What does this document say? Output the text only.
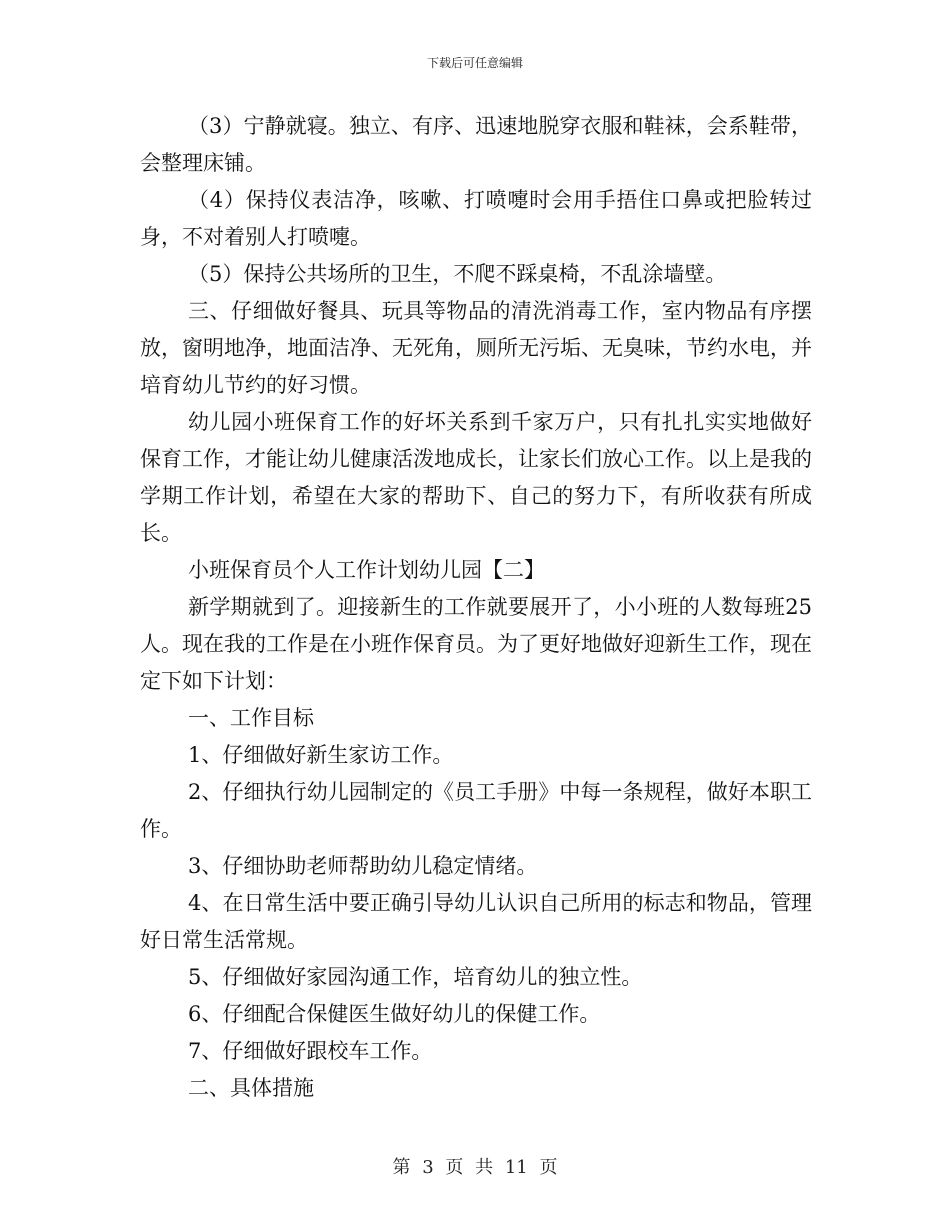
下载后可任意编辑

（3）宁静就寝。独立、有序、迅速地脱穿衣服和鞋袜，会系鞋带，会整理床铺。

（4）保持仪表洁净，咳嗽、打喷嚏时会用手捂住口鼻或把脸转过身，不对着别人打喷嚏。

（5）保持公共场所的卫生，不爬不踩桌椅，不乱涂墙壁。

三、仔细做好餐具、玩具等物品的清洗消毒工作，室内物品有序摆放，窗明地净，地面洁净、无死角，厕所无污垢、无臭味，节约水电，并培育幼儿节约的好习惯。

幼儿园小班保育工作的好坏关系到千家万户，只有扎扎实实地做好保育工作，才能让幼儿健康活泼地成长，让家长们放心工作。以上是我的学期工作计划，希望在大家的帮助下、自己的努力下，有所收获有所成长。

小班保育员个人工作计划幼儿园【二】

新学期就到了。迎接新生的工作就要展开了，小小班的人数每班25人。现在我的工作是在小班作保育员。为了更好地做好迎新生工作，现在定下如下计划：

一、工作目标

1、仔细做好新生家访工作。

2、仔细执行幼儿园制定的《员工手册》中每一条规程，做好本职工作。

3、仔细协助老师帮助幼儿稳定情绪。

4、在日常生活中要正确引导幼儿认识自己所用的标志和物品，管理好日常生活常规。

5、仔细做好家园沟通工作，培育幼儿的独立性。

6、仔细配合保健医生做好幼儿的保健工作。

7、仔细做好跟校车工作。

二、具体措施

第 3 页 共 11 页
